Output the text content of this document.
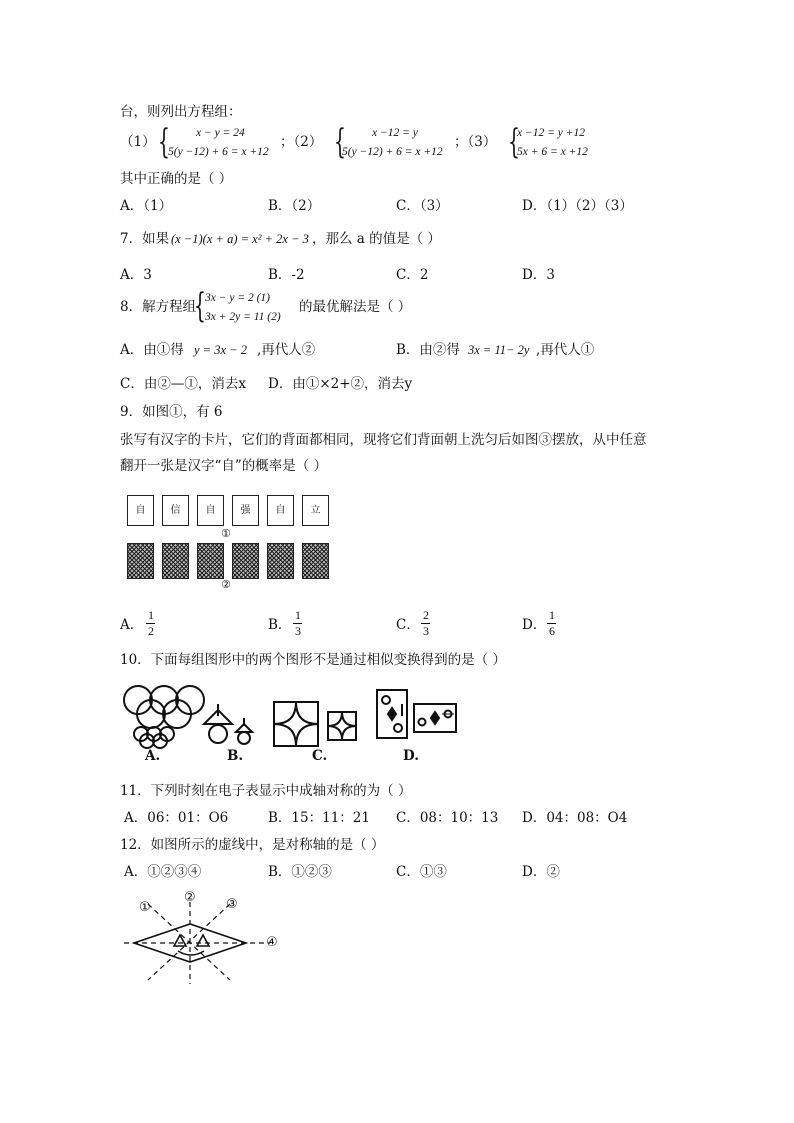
台，则列出方程组：
（1） { x − y = 24
5(y −12) + 6 = x +12
；（2） { x −12 = y
5(y −12) + 6 = x +12
；（3） {
x −12 = y +12
5x + 6 = x +12
其中正确的是（ ）
A．（1）	B．（2）	C．（3）	D．（1）（2）（3）
7．如果 (x −1)(x + a) = x² + 2x − 3 ，那么 a 的值是（ ）
A．3	B．-2	C．2	D．3
8．解方程组
{ 3x − y = 2 (1)
3x + 2y = 11 (2)
的最优解法是（ ）
A．由①得 y = 3x − 2 ,再代人②	B．由②得 3x = 11− 2y ,再代人①
C．由②—①，消去x D．由①×2+②，消去y
9．如图①，有 6
张写有汉字的卡片，它们的背面都相同，现将它们背面朝上洗匀后如图③摆放，从中任意
翻开一张是汉字“自”的概率是（ ）
自	信	自	强	自	立
①
②
A．
1
2	B．
1
3	C．
2
3	D．
1
6
10．下面每组图形中的两个图形不是通过相似变换得到的是（ ）
A.	B.	C.	D.
11．下列时刻在电子表显示中成轴对称的为（ ）
A．06：01：O6	B．15：11：21 C．08：10：13 D．04：08：O4
12．如图所示的虚线中，是对称轴的是（ ）
A．①②③④	B．①②③	C．①③	D．②
①
② ③
④
